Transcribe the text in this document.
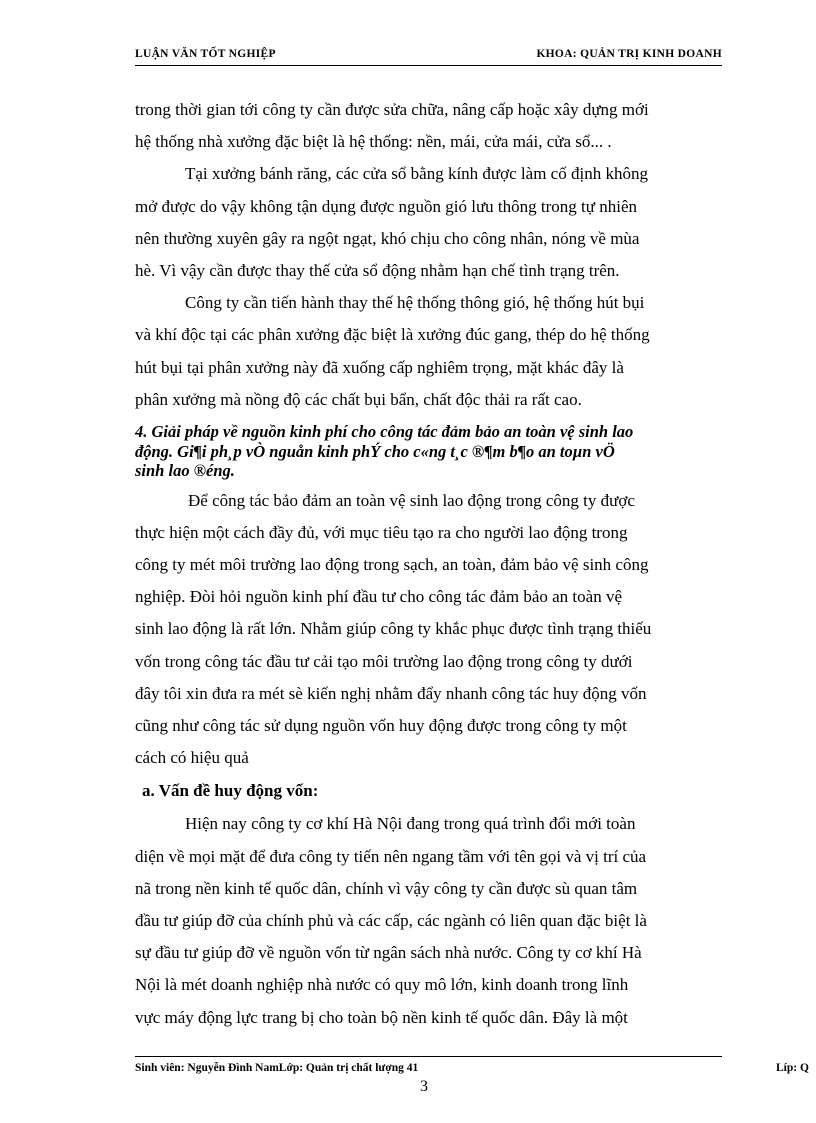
LUẬN VĂN TỐT NGHIỆP	KHOA: QUẢN TRỊ KINH DOANH
trong thời gian tới công ty cần được sửa chữa, nâng cấp hoặc xây dựng mới
hệ thống nhà xưởng đặc biệt là hệ thống: nền, mái, cửa mái, cửa sổ... .
Tại xưởng bánh răng, các cửa sổ bằng kính được làm cố định không
mở được do vậy không tận dụng được nguồn gió lưu thông trong tự nhiên
nên thường xuyên gây ra ngột ngạt, khó chịu cho công nhân, nóng về mùa
hè. Vì vậy cần được thay thế cửa sổ động nhằm hạn chế tình trạng trên.
Công ty cần tiến hành thay thế hệ thống thông gió, hệ thống hút bụi
và khí độc tại các phân xưởng đặc biệt là xưởng đúc gang, thép do hệ thống
hút bụi tại phân xưởng này đã xuống cấp nghiêm trọng, mặt khác đây là
phân xưởng mà nồng độ các chất bụi bẩn, chất độc thải ra rất cao.
4. Giải pháp về nguồn kinh phí cho công tác đảm bảo an toàn vệ sinh lao
động. Gi¶i ph¸p vÒ nguån kinh phÝ cho c«ng t¸c ®¶m b¶o an toµn vÖ
sinh lao ®éng.
Để công tác bảo đảm an toàn vệ sinh lao động trong công ty được
thực hiện một cách đầy đủ, với mục tiêu tạo ra cho người lao động trong
công ty mét môi trường lao động trong sạch, an toàn, đảm bảo vệ sinh công
nghiệp. Đòi hỏi nguồn kinh phí đầu tư cho công tác đảm bảo an toàn vệ
sinh lao động là rất lớn. Nhằm giúp công ty khắc phục được tình trạng thiếu
vốn trong công tác đầu tư cải tạo môi trường lao động trong công ty dưới
đây tôi xin đưa ra mét sè kiến nghị nhằm đẩy nhanh công tác huy động vốn
cũng như công tác sử dụng nguồn vốn huy động được trong công ty một
cách có hiệu quả
a. Vấn đề huy động vốn:
Hiện nay công ty cơ khí Hà Nội đang trong quá trình đổi mới toàn
diện về mọi mặt để đưa công ty tiến nên ngang tầm với tên gọi và vị trí của
nã trong nền kinh tế quốc dân, chính vì vậy công ty cần được sù quan tâm
đầu tư giúp đỡ của chính phủ và các cấp, các ngành có liên quan đặc biệt là
sự đầu tư giúp đỡ về nguồn vốn từ ngân sách nhà nước. Công ty cơ khí Hà
Nội là mét doanh nghiệp nhà nước có quy mô lớn, kinh doanh trong lĩnh
vực máy động lực trang bị cho toàn bộ nền kinh tế quốc dân. Đây là một
Sinh viên: Nguyễn Đình NamLớp: Quản trị chất lượng 41	Líp: Q
3
